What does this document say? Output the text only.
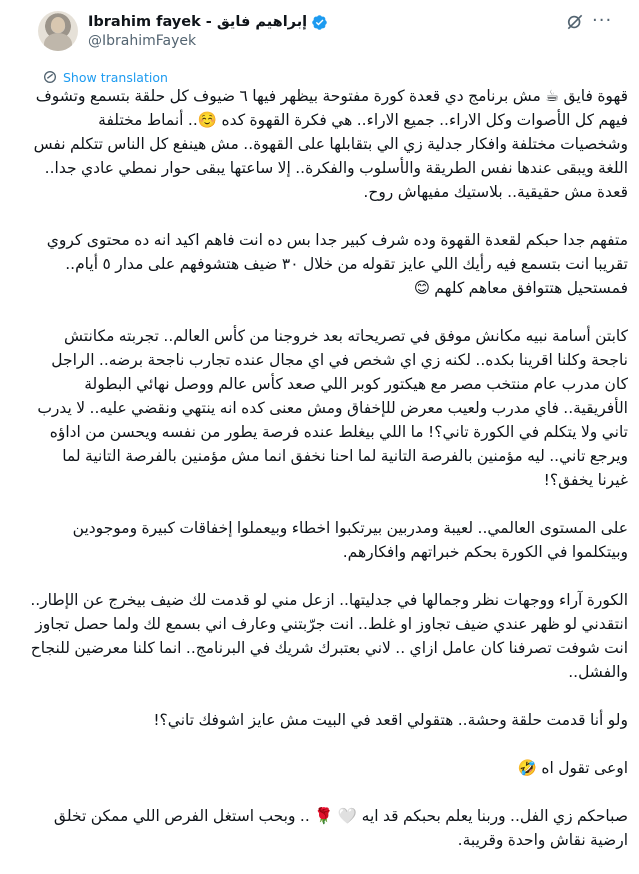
Ibrahim fayek - إبراهيم فايق
@IbrahimFayek
···
Show translation

قهوة فايق ☕ مش برنامج دي قعدة كورة مفتوحة بيظهر فيها ٦ ضيوف كل حلقة بتسمع وتشوف فيهم كل الأصوات وكل الاراء.. جميع الاراء.. هي فكرة القهوة كده ☺️.. أنماط مختلفة وشخصيات مختلفة وافكار جدلية زي الي بتقابلها على القهوة.. مش هينفع كل الناس تتكلم نفس اللغة ويبقى عندها نفس الطريقة والأسلوب والفكرة.. إلا ساعتها يبقى حوار نمطي عادي جدا.. قعدة مش حقيقية.. بلاستيك مفيهاش روح.

متفهم جدا حبكم لقعدة القهوة وده شرف كبير جدا بس ده انت فاهم اكيد انه ده محتوى كروي تقريبا انت بتسمع فيه رأيك اللي عايز تقوله من خلال ٣٠ ضيف هتشوفهم على مدار ٥ أيام.. فمستحيل هتتوافق معاهم كلهم 😊

كابتن أسامة نبيه مكانش موفق في تصريحاته بعد خروجنا من كأس العالم.. تجربته مكانتش ناجحة وكلنا اقرينا بكده.. لكنه زي اي شخص في اي مجال عنده تجارب ناجحة برضه.. الراجل كان مدرب عام منتخب مصر مع هيكتور كوبر اللي صعد كأس عالم ووصل نهائي البطولة الأفريقية.. فاي مدرب ولعيب معرض للإخفاق ومش معنى كده انه ينتهي ونقضي عليه.. لا يدرب تاني ولا يتكلم في الكورة تاني؟! ما اللي بيغلط عنده فرصة يطور من نفسه ويحسن من اداؤه ويرجع تاني.. ليه مؤمنين بالفرصة التانية لما احنا نخفق انما مش مؤمنين بالفرصة التانية لما غيرنا يخفق؟!

على المستوى العالمي.. لعيبة ومدربين بيرتكبوا اخطاء وبيعملوا إخفاقات كبيرة وموجودين وبيتكلموا في الكورة بحكم خبراتهم وافكارهم.

الكورة آراء ووجهات نظر وجمالها في جدليتها.. ازعل مني لو قدمت لك ضيف بيخرج عن الإطار.. انتقدني لو ظهر عندي ضيف تجاوز او غلط.. انت جرّبتني وعارف اني بسمع لك ولما حصل تجاوز انت شوفت تصرفنا كان عامل ازاي .. لاني بعتبرك شريك في البرنامج.. انما كلنا معرضين للنجاح والفشل..

ولو أنا قدمت حلقة وحشة.. هتقولي اقعد في البيت مش عايز اشوفك تاني؟!

اوعى تقول اه 🤣

صباحكم زي الفل.. وربنا يعلم بحبكم قد ايه 🤍 🌹 .. وبحب استغل الفرص اللي ممكن تخلق ارضية نقاش واحدة وقريبة.
